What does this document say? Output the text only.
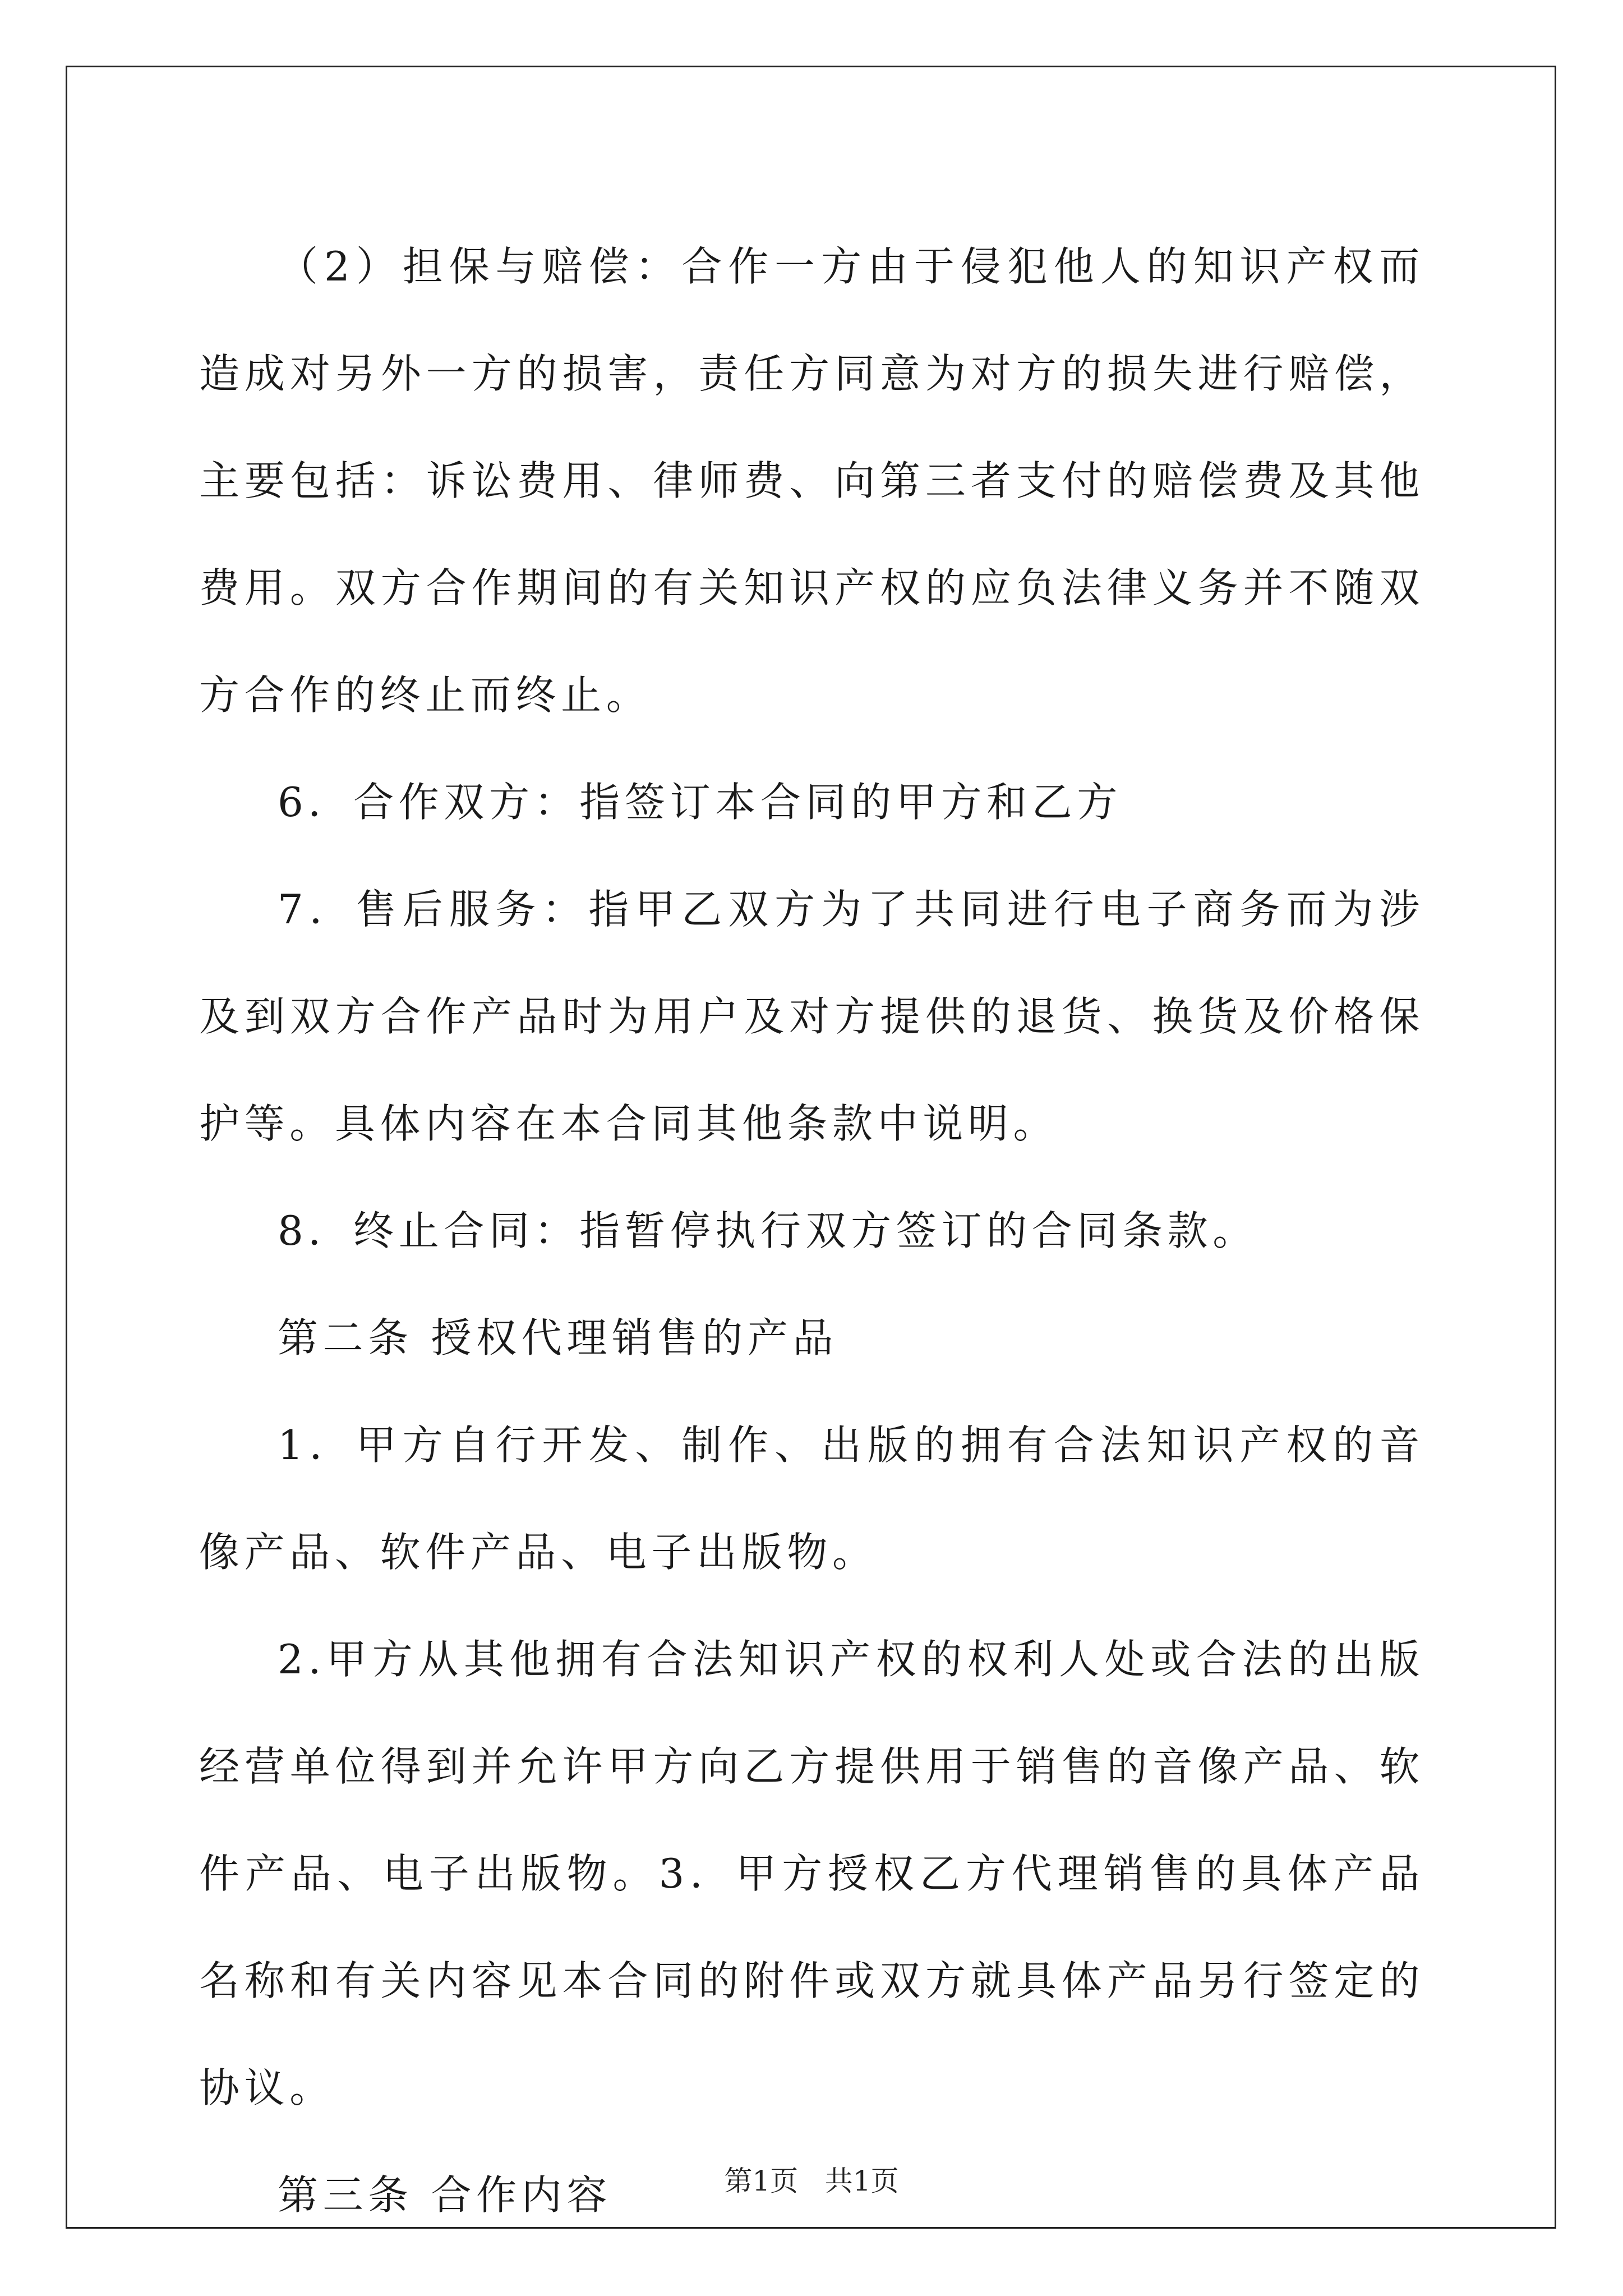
（2）担保与赔偿：合作一方由于侵犯他人的知识产权而造成对另外一方的损害，责任方同意为对方的损失进行赔偿，主要包括：诉讼费用、律师费、向第三者支付的赔偿费及其他费用。双方合作期间的有关知识产权的应负法律义务并不随双方合作的终止而终止。

6．合作双方：指签订本合同的甲方和乙方

7．售后服务：指甲乙双方为了共同进行电子商务而为涉及到双方合作产品时为用户及对方提供的退货、换货及价格保护等。具体内容在本合同其他条款中说明。

8．终止合同：指暂停执行双方签订的合同条款。

第二条 授权代理销售的产品

1．甲方自行开发、制作、出版的拥有合法知识产权的音像产品、软件产品、电子出版物。

2.甲方从其他拥有合法知识产权的权利人处或合法的出版经营单位得到并允许甲方向乙方提供用于销售的音像产品、软件产品、电子出版物。3．甲方授权乙方代理销售的具体产品名称和有关内容见本合同的附件或双方就具体产品另行签定的协议。

第三条 合作内容	第1页   共1页
